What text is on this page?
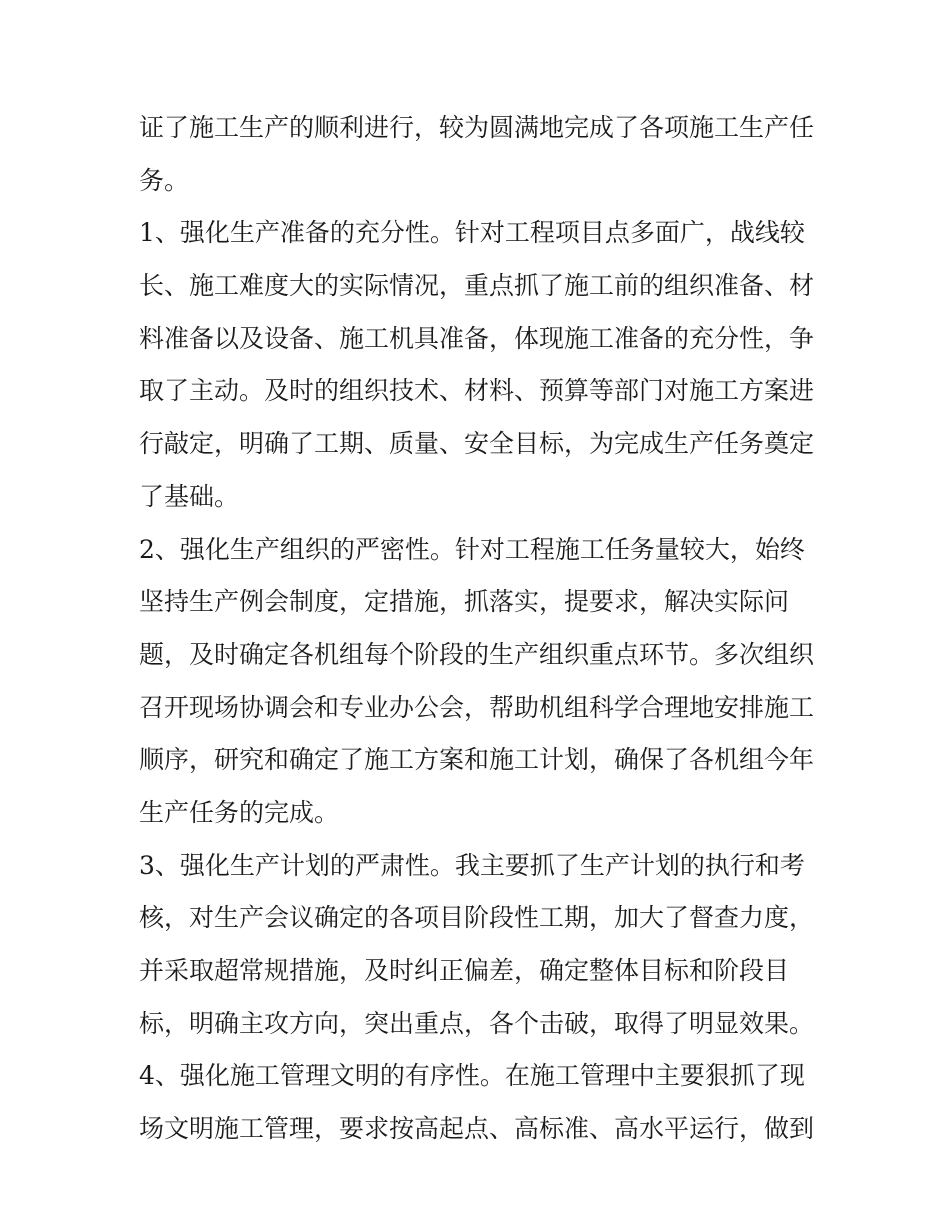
证了施工生产的顺利进行，较为圆满地完成了各项施工生产任
务。
1、强化生产准备的充分性。针对工程项目点多面广，战线较
长、施工难度大的实际情况，重点抓了施工前的组织准备、材
料准备以及设备、施工机具准备，体现施工准备的充分性，争
取了主动。及时的组织技术、材料、预算等部门对施工方案进
行敲定，明确了工期、质量、安全目标，为完成生产任务奠定
了基础。
2、强化生产组织的严密性。针对工程施工任务量较大，始终
坚持生产例会制度，定措施，抓落实，提要求，解决实际问
题，及时确定各机组每个阶段的生产组织重点环节。多次组织
召开现场协调会和专业办公会，帮助机组科学合理地安排施工
顺序，研究和确定了施工方案和施工计划，确保了各机组今年
生产任务的完成。
3、强化生产计划的严肃性。我主要抓了生产计划的执行和考
核，对生产会议确定的各项目阶段性工期，加大了督查力度，
并采取超常规措施，及时纠正偏差，确定整体目标和阶段目
标，明确主攻方向，突出重点，各个击破，取得了明显效果。
4、强化施工管理文明的有序性。在施工管理中主要狠抓了现
场文明施工管理，要求按高起点、高标准、高水平运行，做到
